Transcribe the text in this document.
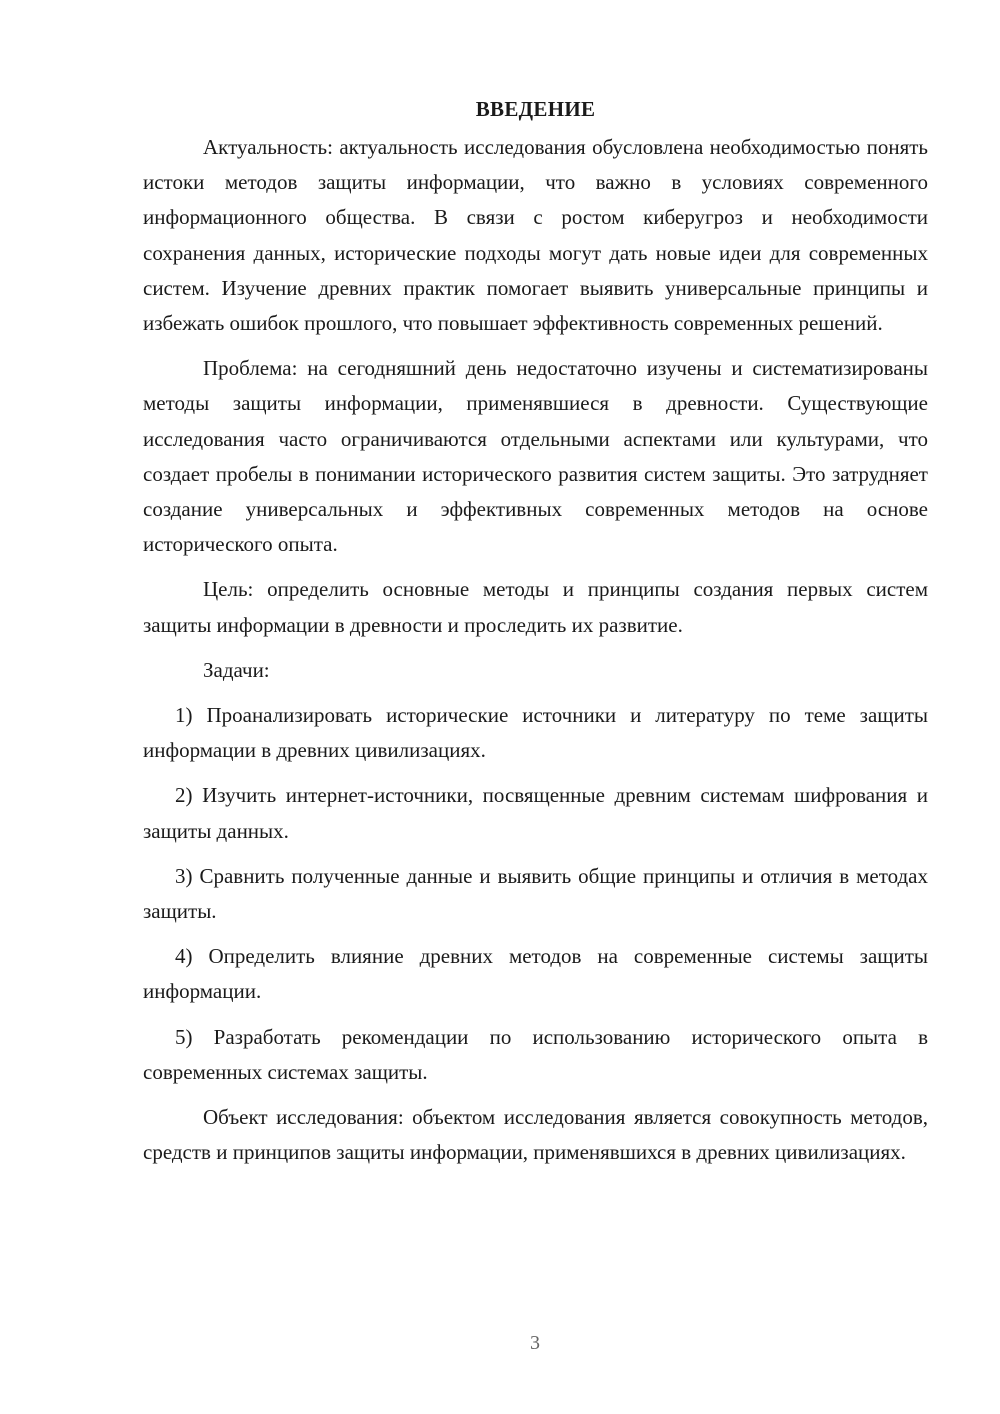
ВВЕДЕНИЕ

Актуальность: актуальность исследования обусловлена необходимостью понять истоки методов защиты информации, что важно в условиях современного информационного общества. В связи с ростом киберугроз и необходимости сохранения данных, исторические подходы могут дать новые идеи для современных систем. Изучение древних практик помогает выявить универсальные принципы и избежать ошибок прошлого, что повышает эффективность современных решений.

Проблема: на сегодняшний день недостаточно изучены и систематизированы методы защиты информации, применявшиеся в древности. Существующие исследования часто ограничиваются отдельными аспектами или культурами, что создает пробелы в понимании исторического развития систем защиты. Это затрудняет создание универсальных и эффективных современных методов на основе исторического опыта.

Цель: определить основные методы и принципы создания первых систем защиты информации в древности и проследить их развитие.

Задачи:

1) Проанализировать исторические источники и литературу по теме защиты информации в древних цивилизациях.

2) Изучить интернет-источники, посвященные древним системам шифрования и защиты данных.

3) Сравнить полученные данные и выявить общие принципы и отличия в методах защиты.

4) Определить влияние древних методов на современные системы защиты информации.

5) Разработать рекомендации по использованию исторического опыта в современных системах защиты.

Объект исследования: объектом исследования является совокупность методов, средств и принципов защиты информации, применявшихся в древних цивилизациях.

3
